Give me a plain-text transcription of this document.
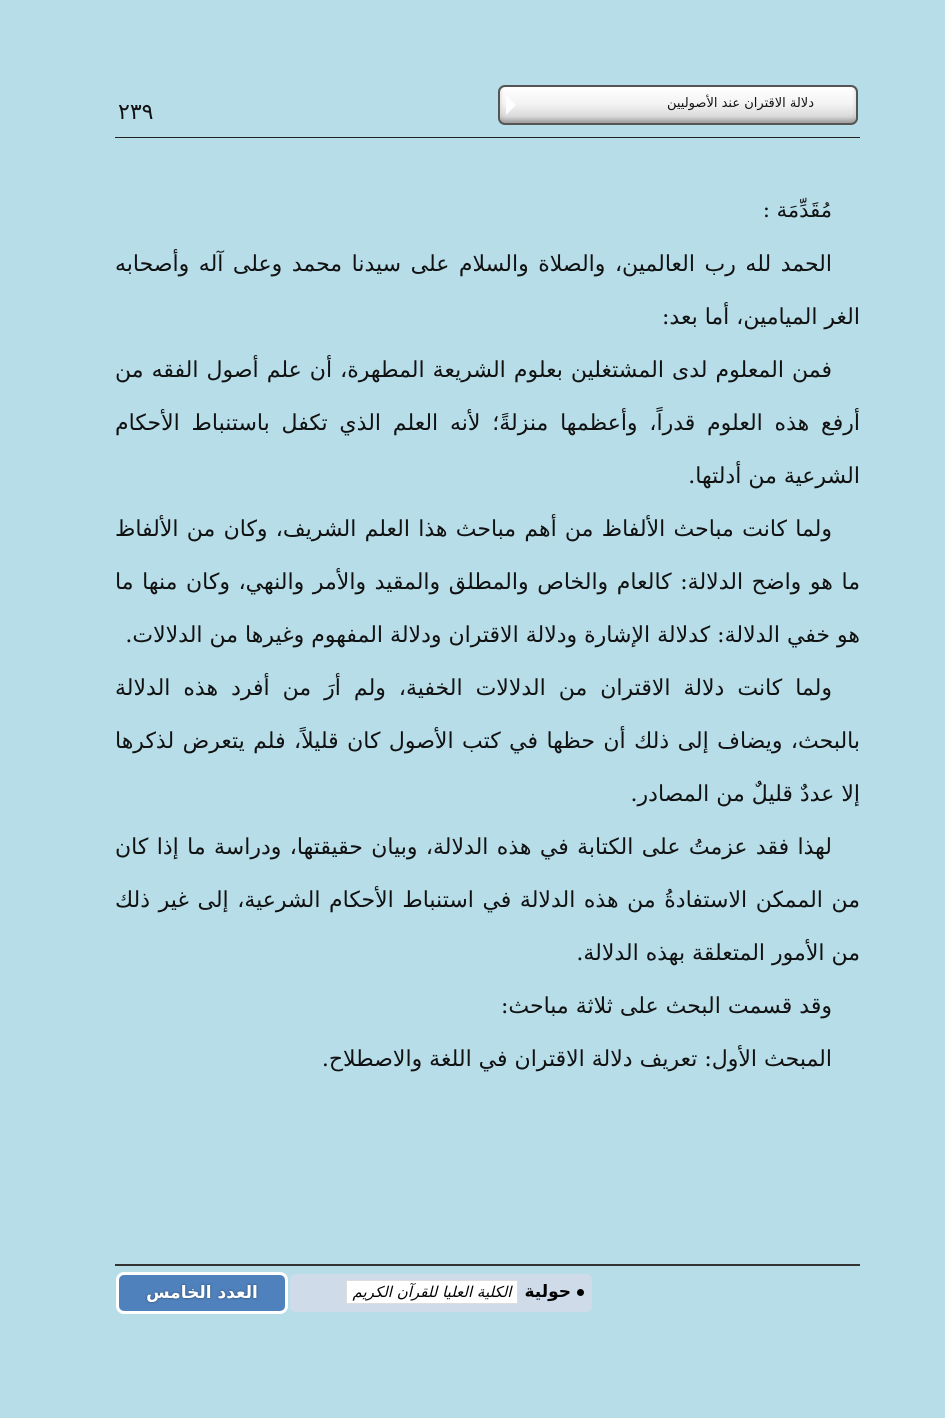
٢٣٩	دلالة الاقتران عند الأصوليين

مُقَدِّمَة :

الحمد لله رب العالمين، والصلاة والسلام على سيدنا محمد وعلى آله وأصحابه الغر الميامين، أما بعد:

فمن المعلوم لدى المشتغلين بعلوم الشريعة المطهرة، أن علم أصول الفقه من أرفع هذه العلوم قدراً، وأعظمها منزلةً؛ لأنه العلم الذي تكفل باستنباط الأحكام الشرعية من أدلتها.

ولما كانت مباحث الألفاظ من أهم مباحث هذا العلم الشريف، وكان من الألفاظ ما هو واضح الدلالة: كالعام والخاص والمطلق والمقيد والأمر والنهي، وكان منها ما هو خفي الدلالة: كدلالة الإشارة ودلالة الاقتران ودلالة المفهوم وغيرها من الدلالات.

ولما كانت دلالة الاقتران من الدلالات الخفية، ولم أرَ من أفرد هذه الدلالة بالبحث، ويضاف إلى ذلك أن حظها في كتب الأصول كان قليلاً، فلم يتعرض لذكرها إلا عددٌ قليلٌ من المصادر.

لهذا فقد عزمتُ على الكتابة في هذه الدلالة، وبيان حقيقتها، ودراسة ما إذا كان من الممكن الاستفادةُ من هذه الدلالة في استنباط الأحكام الشرعية، إلى غير ذلك من الأمور المتعلقة بهذه الدلالة.

وقد قسمت البحث على ثلاثة مباحث:

المبحث الأول: تعريف دلالة الاقتران في اللغة والاصطلاح.

حولية
الكلية العليا للقرآن الكريم
العدد الخامس
